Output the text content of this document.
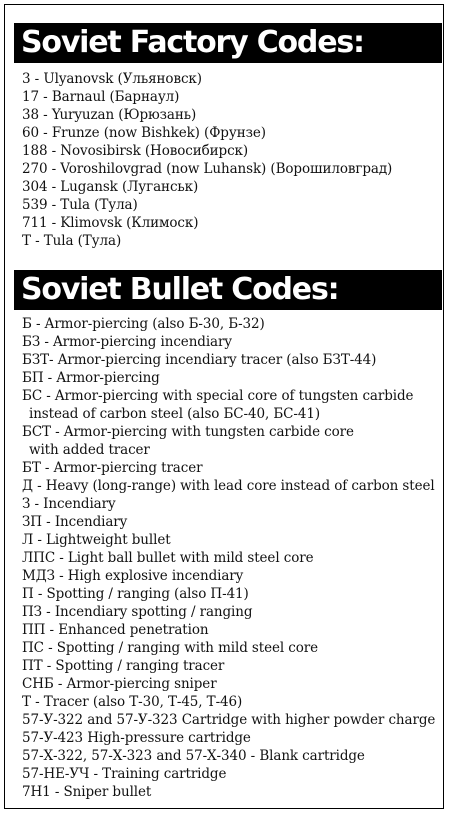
Soviet Factory Codes:
3 - Ulyanovsk (Ульяновск)
17 - Barnaul (Барнаул)
38 - Yuryuzan (Юрюзань)
60 - Frunze (now Bishkek) (Фрунзе)
188 - Novosibirsk (Новосибирск)
270 - Voroshilovgrad (now Luhansk) (Ворошиловград)
304 - Lugansk (Луганськ)
539 - Tula (Тула)
711 - Klimovsk (Климоск)
T - Tula (Тула)
Soviet Bullet Codes:
Б - Armor-piercing (also Б-30, Б-32)
БЗ - Armor-piercing incendiary
БЗТ- Armor-piercing incendiary tracer (also БЗТ-44)
БП - Armor-piercing
БС - Armor-piercing with special core of tungsten carbide
instead of carbon steel (also БС-40, БС-41)
БСТ - Armor-piercing with tungsten carbide core
with added tracer
БТ - Armor-piercing tracer
Д - Heavy (long-range) with lead core instead of carbon steel
З - Incendiary
ЗП - Incendiary
Л - Lightweight bullet
ЛПС - Light ball bullet with mild steel core
МДЗ - High explosive incendiary
П - Spotting / ranging (also П-41)
ПЗ - Incendiary spotting / ranging
ПП - Enhanced penetration
ПС - Spotting / ranging with mild steel core
ПТ - Spotting / ranging tracer
СНБ - Armor-piercing sniper
Т - Tracer (also Т-30, Т-45, Т-46)
57-У-322 and 57-У-323 Cartridge with higher powder charge
57-У-423 High-pressure cartridge
57-Х-322, 57-Х-323 and 57-Х-340 - Blank cartridge
57-НЕ-УЧ - Training cartridge
7Н1 - Sniper bullet
